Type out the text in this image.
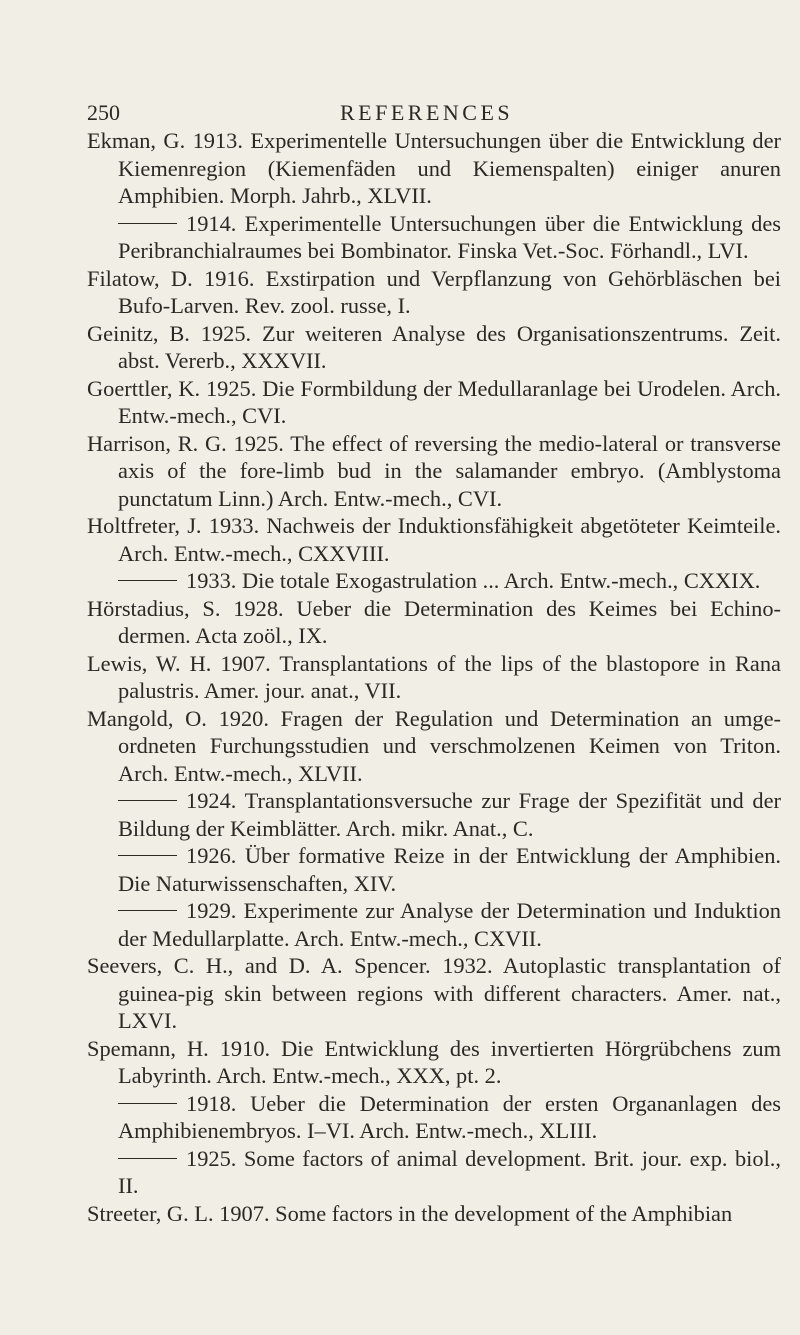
250	REFERENCES

Ekman, G. 1913. Experimentelle Untersuchungen über die Entwicklung der Kiemenregion (Kiemenfäden und Kiemenspalten) einiger anuren Amphibien. Morph. Jahrb., XLVII.

1914. Experimentelle Untersuchungen über die Entwicklung des Peribranchialraumes bei Bombinator. Finska Vet.-Soc. Förhandl., LVI.

Filatow, D. 1916. Exstirpation und Verpflanzung von Gehörbläschen bei Bufo-Larven. Rev. zool. russe, I.

Geinitz, B. 1925. Zur weiteren Analyse des Organisationszentrums. Zeit. abst. Vererb., XXXVII.

Goerttler, K. 1925. Die Formbildung der Medullaranlage bei Urodelen. Arch. Entw.-mech., CVI.

Harrison, R. G. 1925. The effect of reversing the medio-lateral or transverse axis of the fore-limb bud in the salamander embryo. (Amblystoma punctatum Linn.) Arch. Entw.-mech., CVI.

Holtfreter, J. 1933. Nachweis der Induktionsfähigkeit abgetöteter Keimteile. Arch. Entw.-mech., CXXVIII.

1933. Die totale Exogastrulation ... Arch. Entw.-mech., CXXIX.

Hörstadius, S. 1928. Ueber die Determination des Keimes bei Echinodermen. Acta zoöl., IX.

Lewis, W. H. 1907. Transplantations of the lips of the blastopore in Rana palustris. Amer. jour. anat., VII.

Mangold, O. 1920. Fragen der Regulation und Determination an umgeordneten Furchungsstudien und verschmolzenen Keimen von Triton. Arch. Entw.-mech., XLVII.

1924. Transplantationsversuche zur Frage der Spezifität und der Bildung der Keimblätter. Arch. mikr. Anat., C.

1926. Über formative Reize in der Entwicklung der Amphibien. Die Naturwissenschaften, XIV.

1929. Experimente zur Analyse der Determination und Induktion der Medullarplatte. Arch. Entw.-mech., CXVII.

Seevers, C. H., and D. A. Spencer. 1932. Autoplastic transplantation of guinea-pig skin between regions with different characters. Amer. nat., LXVI.

Spemann, H. 1910. Die Entwicklung des invertierten Hörgrübchens zum Labyrinth. Arch. Entw.-mech., XXX, pt. 2.

1918. Ueber die Determination der ersten Organanlagen des Amphibienembryos. I–VI. Arch. Entw.-mech., XLIII.

1925. Some factors of animal development. Brit. jour. exp. biol., II.

Streeter, G. L. 1907. Some factors in the development of the Amphibian
